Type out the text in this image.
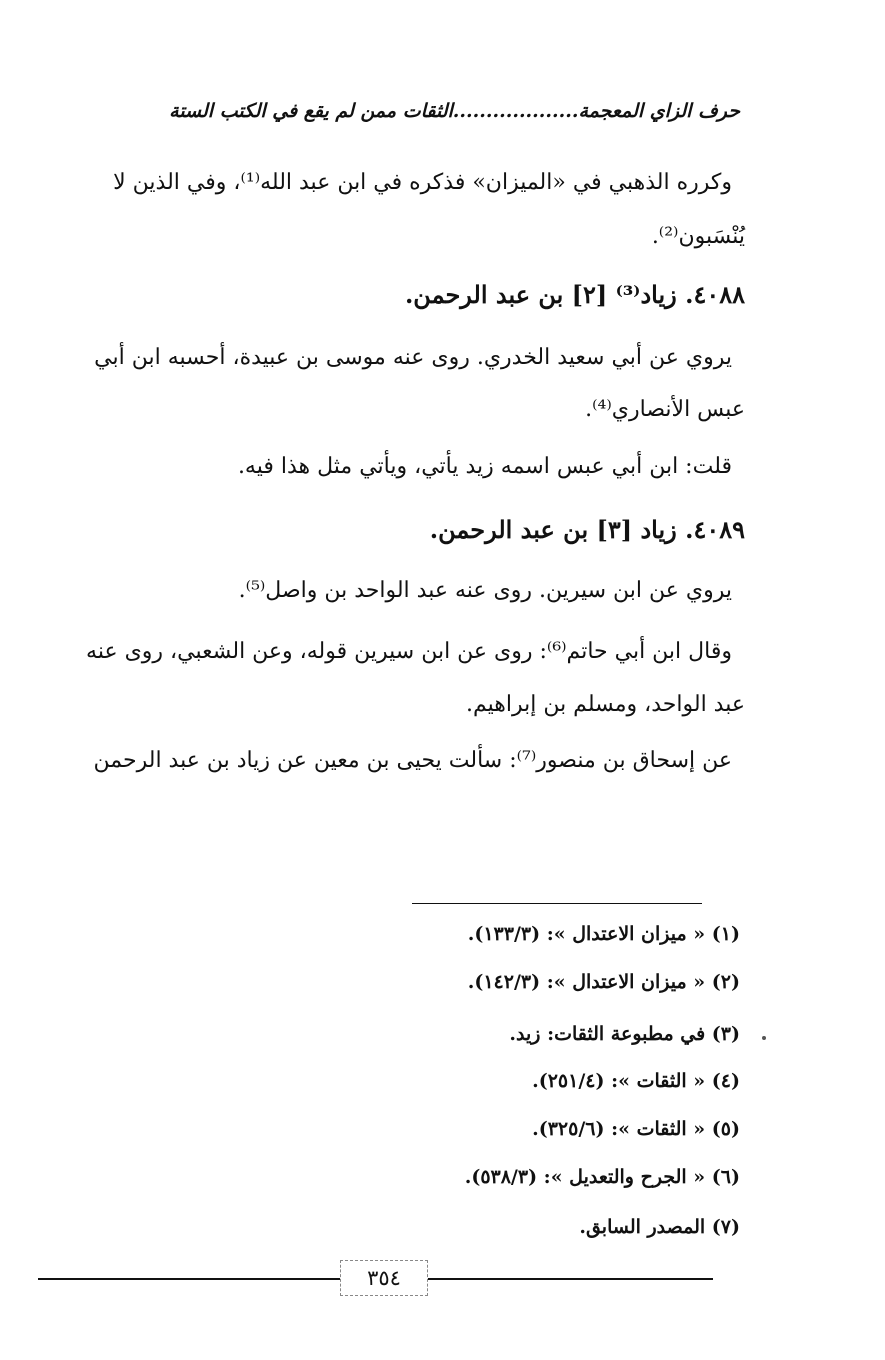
حرف الزاي المعجمة...................الثقات ممن لم يقع في الكتب الستة
وكرره الذهبي في «الميزان» فذكره في ابن عبد الله⁽¹⁾، وفي الذين لا
يُنْسَبون⁽²⁾.
٤٠٨٨. زياد⁽³⁾ [٢] بن عبد الرحمن.
يروي عن أبي سعيد الخدري. روى عنه موسى بن عبيدة، أحسبه ابن أبي
عبس الأنصاري⁽⁴⁾.
قلت: ابن أبي عبس اسمه زيد يأتي، ويأتي مثل هذا فيه.
٤٠٨٩. زياد [٣] بن عبد الرحمن.
يروي عن ابن سيرين. روى عنه عبد الواحد بن واصل⁽⁵⁾.
وقال ابن أبي حاتم⁽⁶⁾: روى عن ابن سيرين قوله، وعن الشعبي، روى عنه
عبد الواحد، ومسلم بن إبراهيم.
عن إسحاق بن منصور⁽⁷⁾: سألت يحيى بن معين عن زياد بن عبد الرحمن
(١) « ميزان الاعتدال »: (١٣٣/٣).
(٢) « ميزان الاعتدال »: (١٤٢/٣).
(٣) في مطبوعة الثقات: زيد.
(٤) « الثقات »: (٢٥١/٤).
(٥) « الثقات »: (٣٢٥/٦).
(٦) « الجرح والتعديل »: (٥٣٨/٣).
(٧) المصدر السابق.
٣٥٤
